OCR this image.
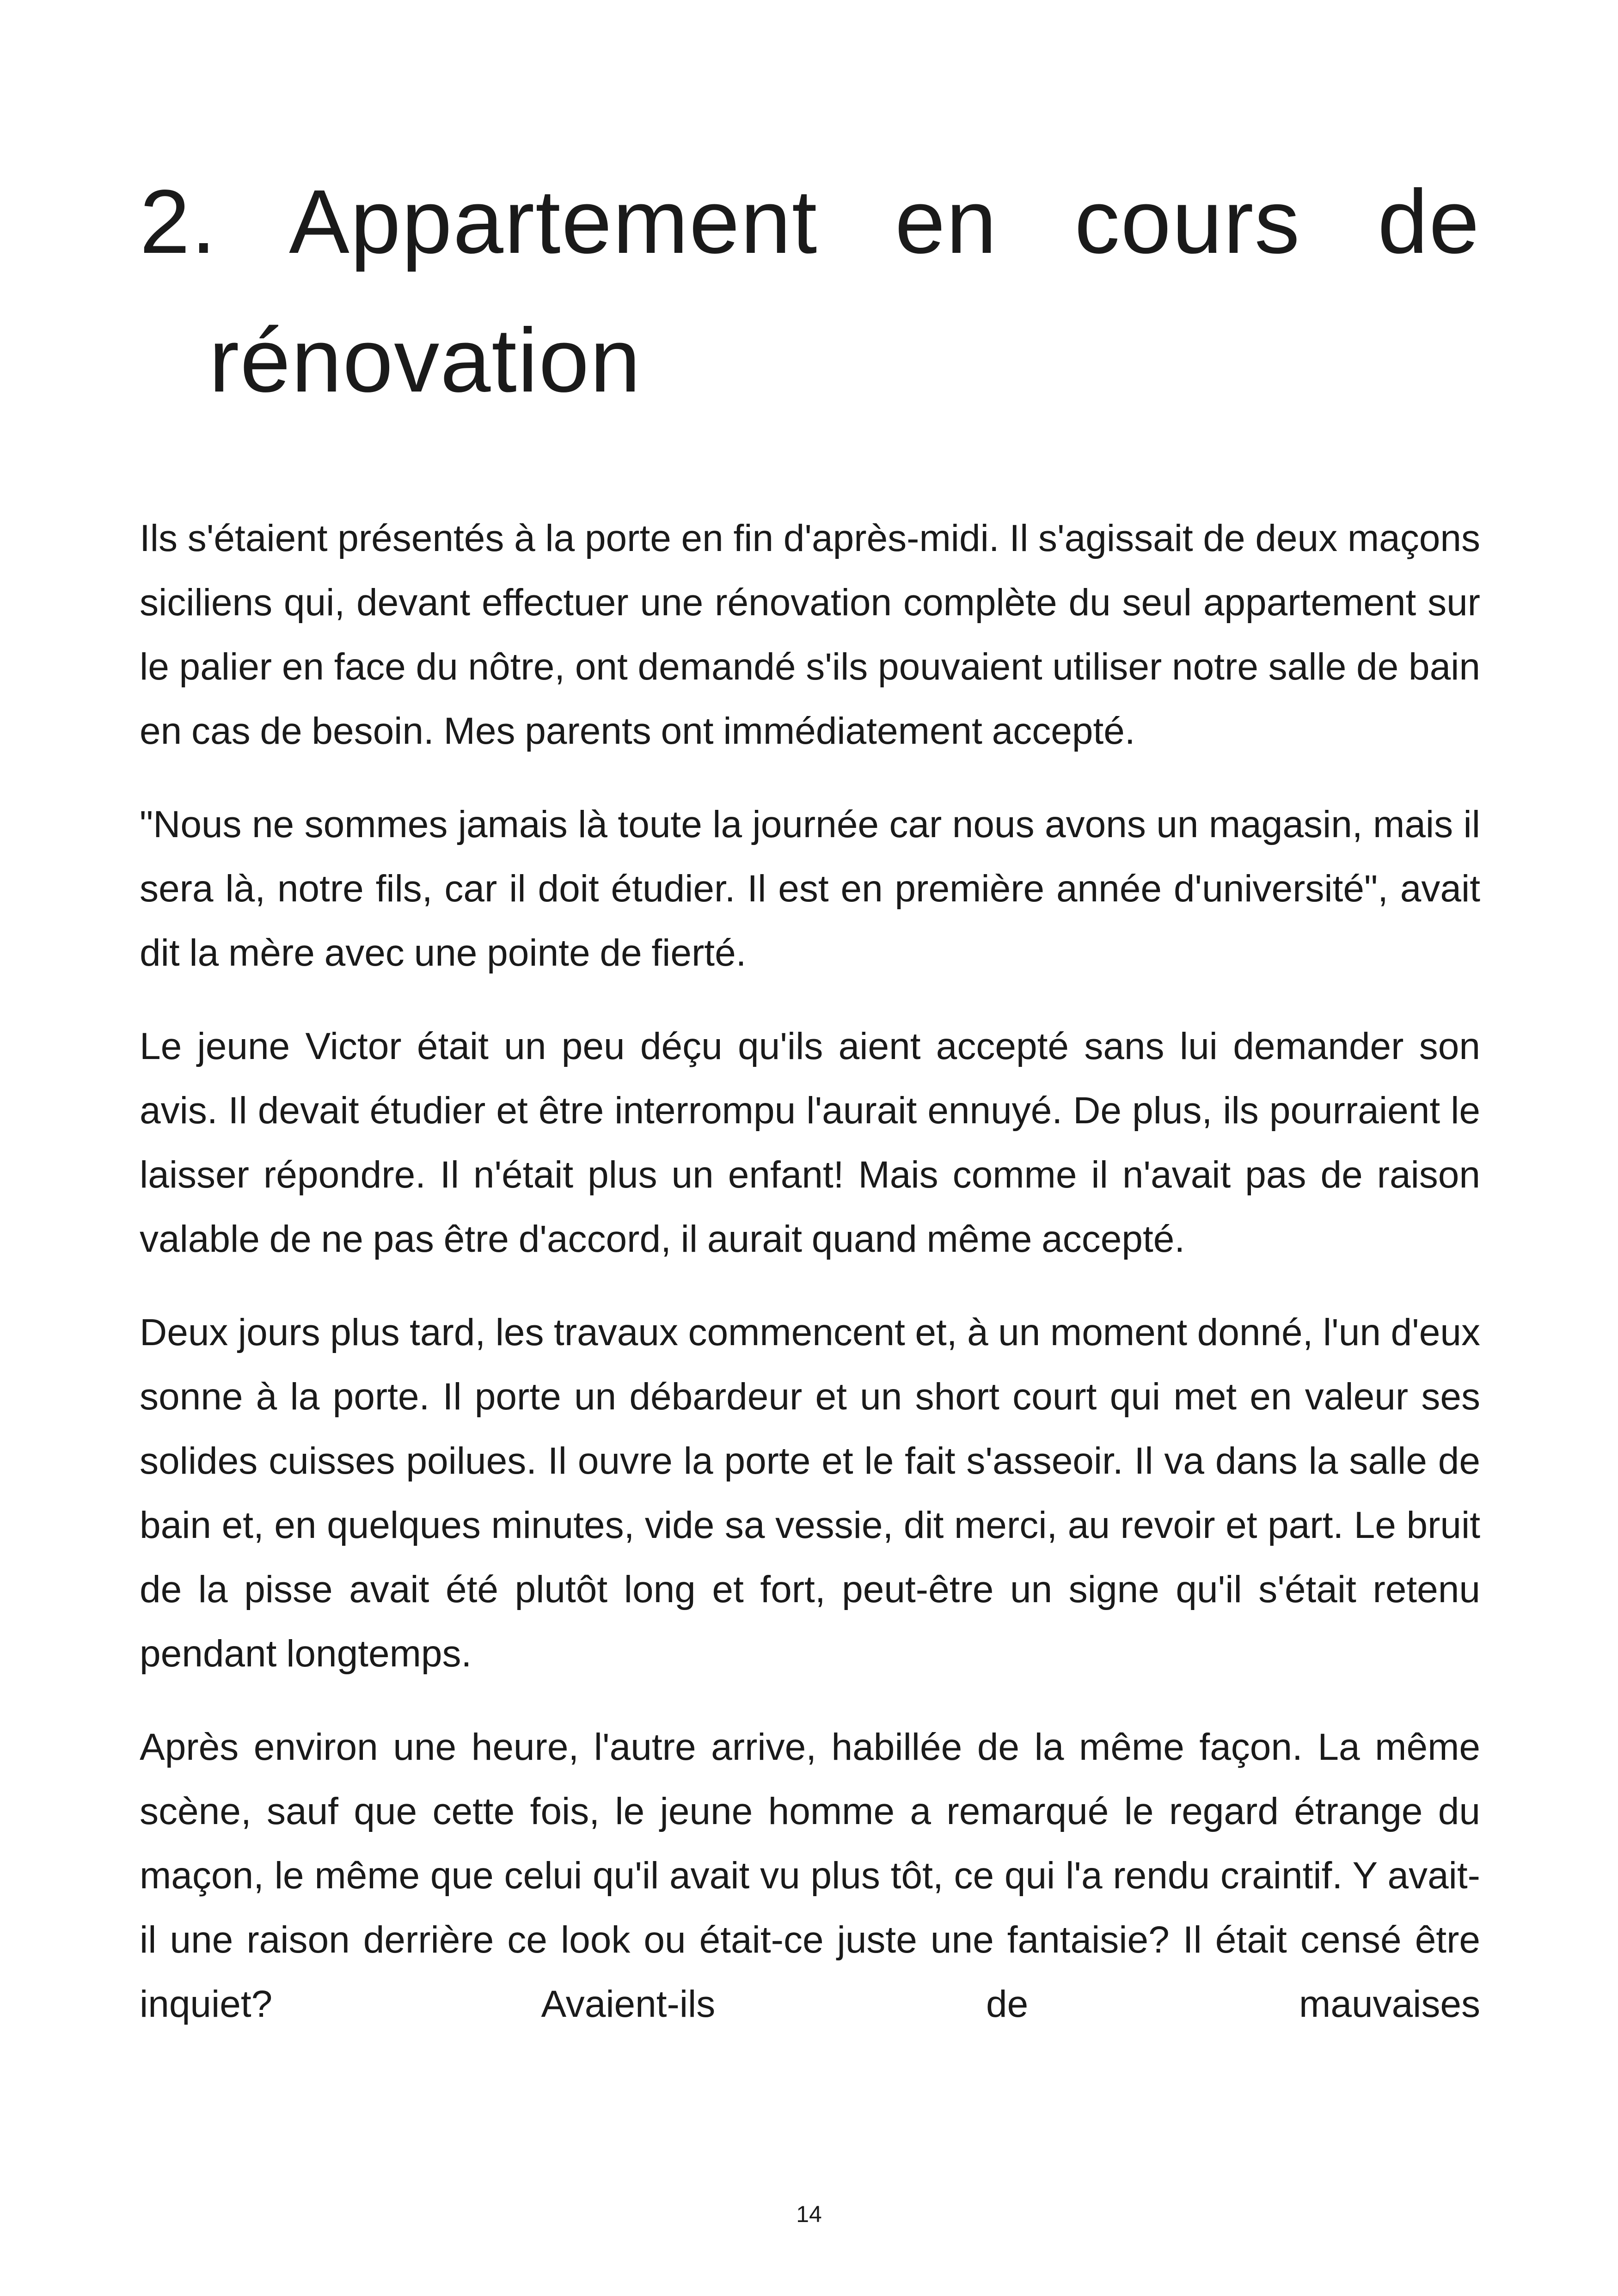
2. Appartement en cours de rénovation

Ils s'étaient présentés à la porte en fin d'après-midi. Il s'agissait de deux maçons siciliens qui, devant effectuer une rénovation complète du seul appartement sur le palier en face du nôtre, ont demandé s'ils pouvaient utiliser notre salle de bain en cas de besoin. Mes parents ont immédiatement accepté.

"Nous ne sommes jamais là toute la journée car nous avons un magasin, mais il sera là, notre fils, car il doit étudier. Il est en première année d'université", avait dit la mère avec une pointe de fierté.

Le jeune Victor était un peu déçu qu'ils aient accepté sans lui demander son avis. Il devait étudier et être interrompu l'aurait ennuyé. De plus, ils pourraient le laisser répondre. Il n'était plus un enfant! Mais comme il n'avait pas de raison valable de ne pas être d'accord, il aurait quand même accepté.

Deux jours plus tard, les travaux commencent et, à un moment donné, l'un d'eux sonne à la porte. Il porte un débardeur et un short court qui met en valeur ses solides cuisses poilues. Il ouvre la porte et le fait s'asseoir. Il va dans la salle de bain et, en quelques minutes, vide sa vessie, dit merci, au revoir et part. Le bruit de la pisse avait été plutôt long et fort, peut-être un signe qu'il s'était retenu pendant longtemps.

Après environ une heure, l'autre arrive, habillée de la même façon. La même scène, sauf que cette fois, le jeune homme a remarqué le regard étrange du maçon, le même que celui qu'il avait vu plus tôt, ce qui l'a rendu craintif. Y avait-il une raison derrière ce look ou était-ce juste une fantaisie? Il était censé être inquiet? Avaient-ils de mauvaises

14
